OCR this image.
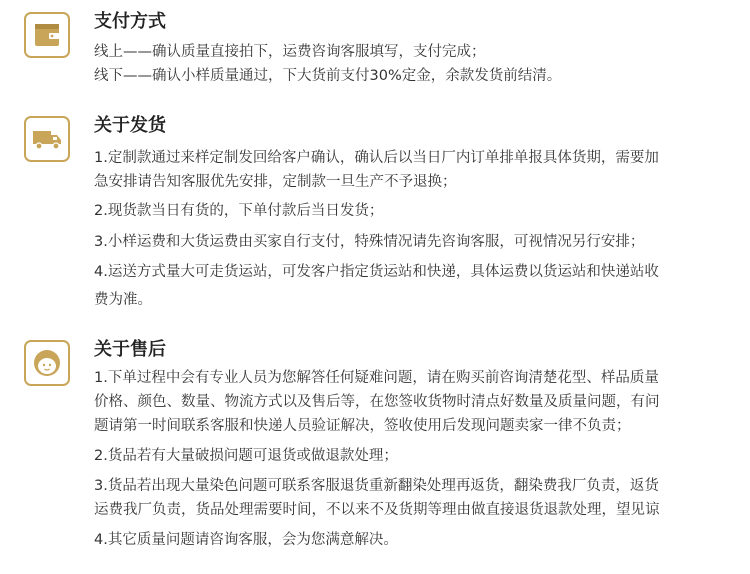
支付方式
线上——确认质量直接拍下，运费咨询客服填写，支付完成；
线下——确认小样质量通过，下大货前支付30%定金，余款发货前结清。
关于发货
1.定制款通过来样定制发回给客户确认，确认后以当日厂内订单排单报具体货期，需要加
急安排请告知客服优先安排，定制款一旦生产不予退换；
2.现货款当日有货的，下单付款后当日发货；
3.小样运费和大货运费由买家自行支付，特殊情况请先咨询客服，可视情况另行安排；
4.运送方式量大可走货运站，可发客户指定货运站和快递，具体运费以货运站和快递站收
费为准。
关于售后
1.下单过程中会有专业人员为您解答任何疑难问题，请在购买前咨询清楚花型、样品质量
价格、颜色、数量、物流方式以及售后等，在您签收货物时清点好数量及质量问题，有问
题请第一时间联系客服和快递人员验证解决，签收使用后发现问题卖家一律不负责；
2.货品若有大量破损问题可退货或做退款处理；
3.货品若出现大量染色问题可联系客服退货重新翻染处理再返货，翻染费我厂负责，返货
运费我厂负责，货品处理需要时间，不以来不及货期等理由做直接退货退款处理，望见谅
4.其它质量问题请咨询客服，会为您满意解决。
